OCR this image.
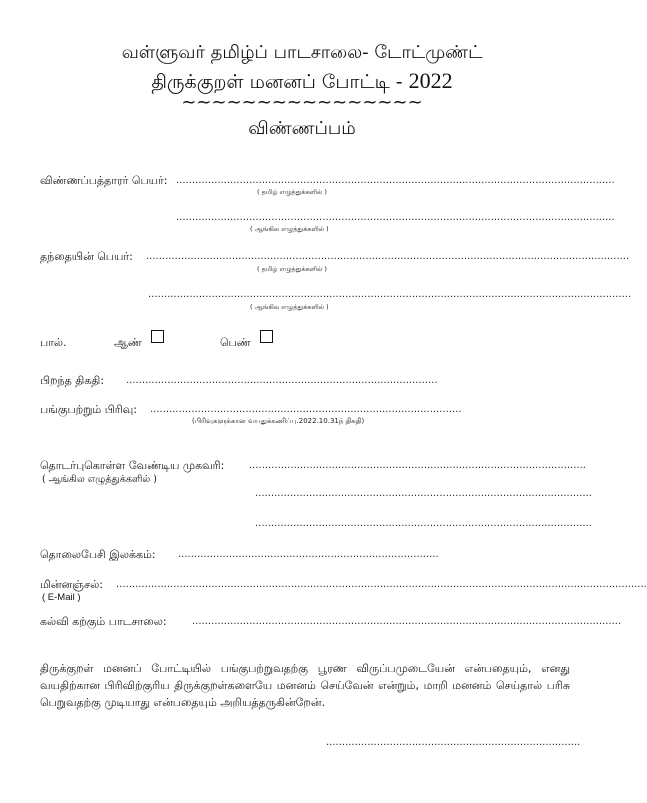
வள்ளுவர் தமிழ்ப் பாடசாலை- டோட்முண்ட்
திருக்குறள் மனனப் போட்டி - 2022
~~~~~~~~~~~~~~~~
விண்ணப்பம்
விண்ணப்பத்தாரர் பெயர்: ..........................................................................................................................................
( தமிழ் எழுத்துக்களில் )
..........................................................................................................................................
( ஆங்கில எழுத்துக்களில் )
தந்தையின் பெயர்: ........................................................................................................................................................
( தமிழ் எழுத்துக்களில் )
........................................................................................................................................................
( ஆங்கில எழுத்துக்களில் )
பால்.	ஆண்	பெண்
பிறந்த திகதி: ..................................................................................................
பங்குபற்றும் பிரிவு: ..................................................................................................
(பிரிவுகளுக்கான வயதுக்கணிப்பு.2022.10.31ந் திகதி)
தொடர்புகொள்ள வேண்டிய முகவரி: ..........................................................................................................
( ஆங்கில எழுத்துக்களில் )
..........................................................................................................
..........................................................................................................
தொலைபேசி இலக்கம்: ..................................................................................
மின்னஞ்சல்: .......................................................................................................................................................................
( E-Mail )
கல்வி கற்கும் பாடசாலை:	.......................................................................................................................................
திருக்குறள் மனனப் போட்டியில் பங்குபற்றுவதற்கு பூரண விருப்பமுடையேன் என்பதையும், எனது வயதிற்கான பிரிவிற்குரிய திருக்குறள்களையே மனனம் செய்வேன் என்றும், மாறி மனனம் செய்தால் பரிசு பெறுவதற்கு முடியாது என்பதையும் அறியத்தருகின்றேன்.
................................................................................
